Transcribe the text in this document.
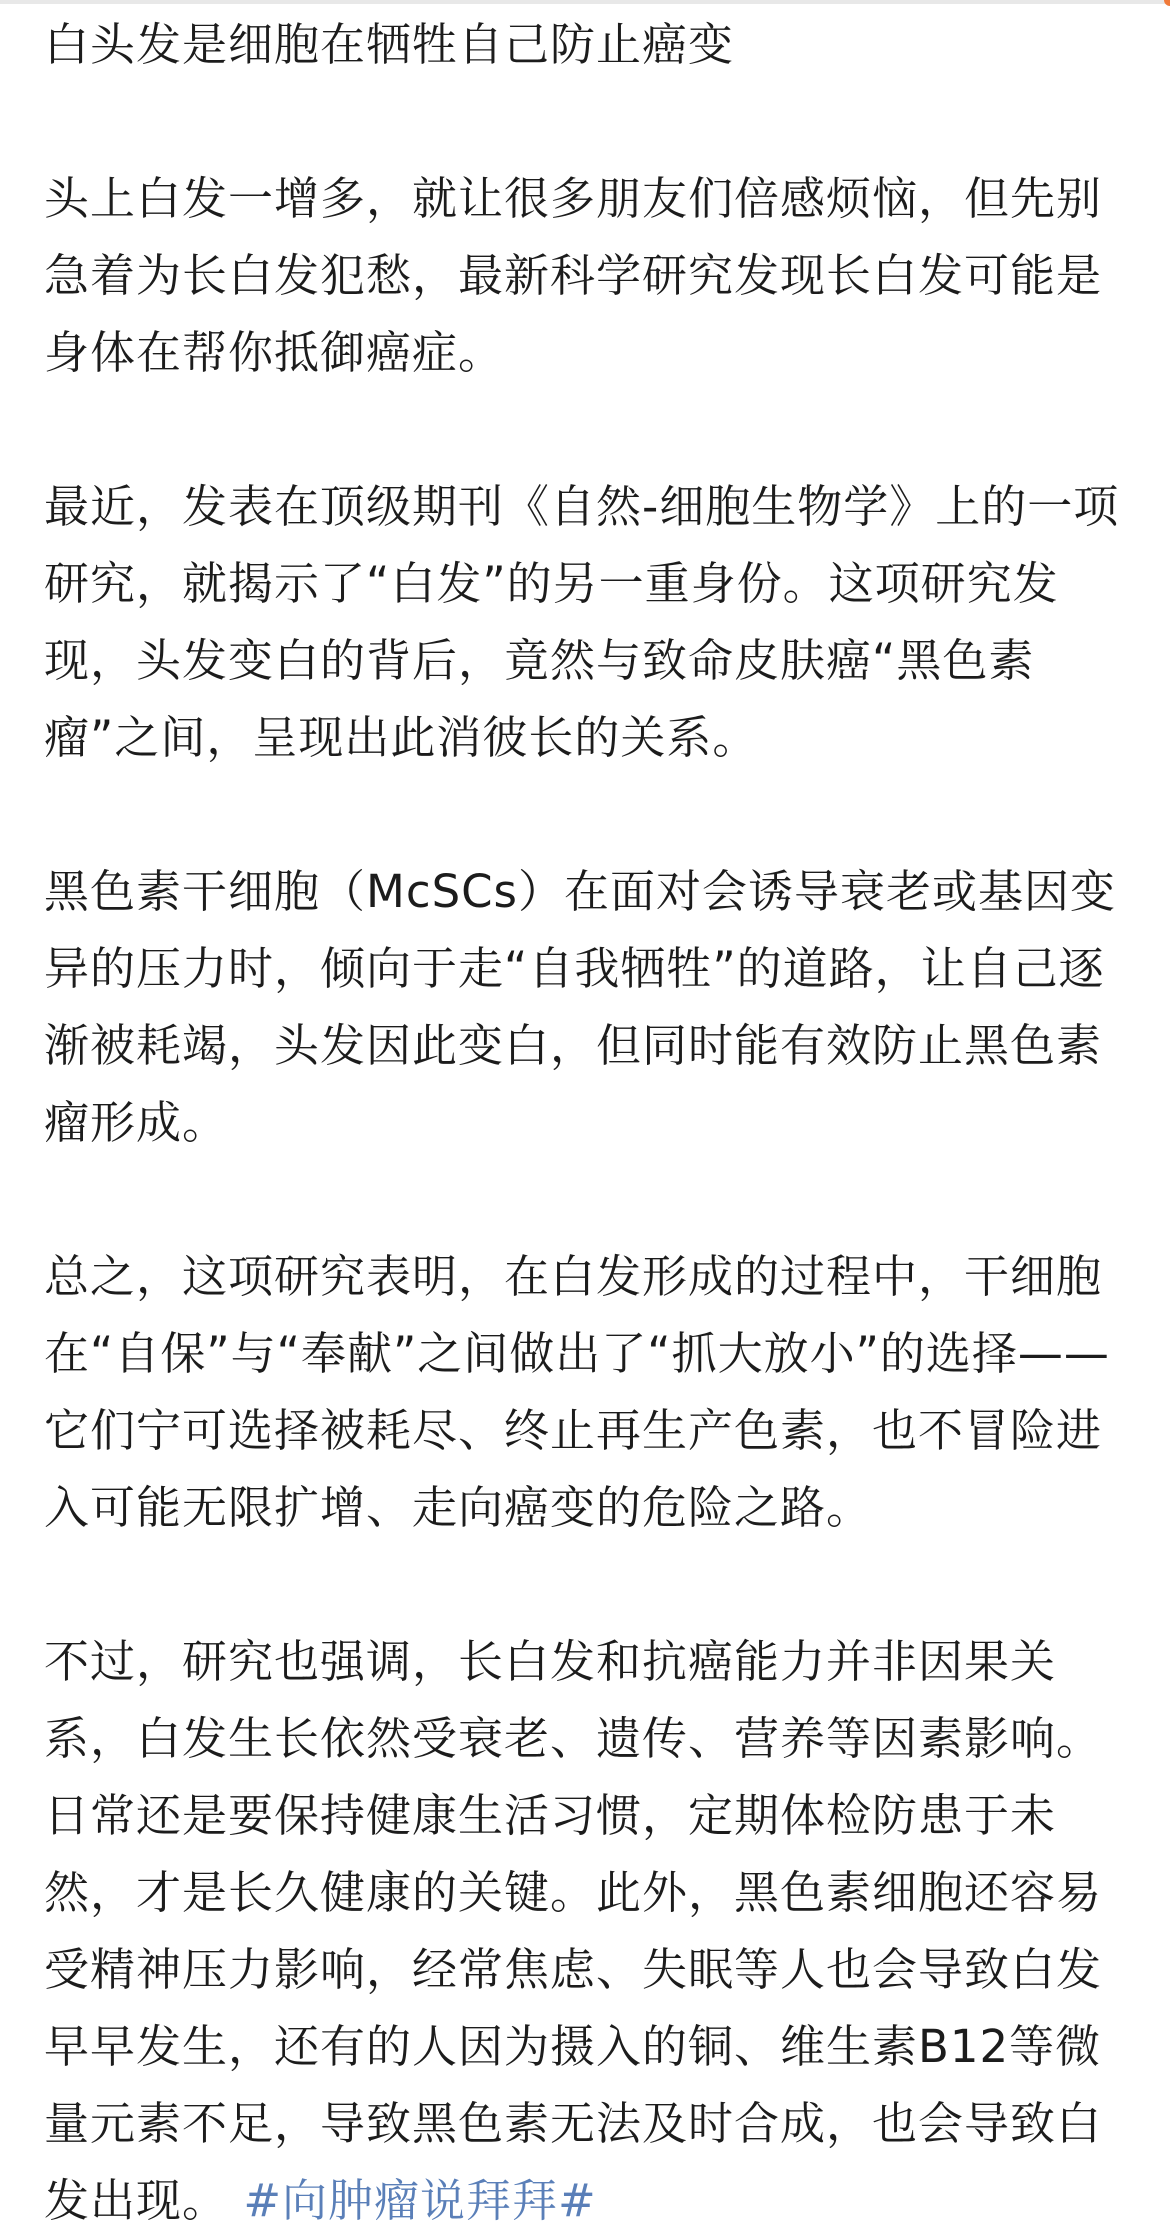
白头发是细胞在牺牲自己防止癌变

头上白发一增多，就让很多朋友们倍感烦恼，但先别急着为长白发犯愁，最新科学研究发现长白发可能是身体在帮你抵御癌症。

最近，发表在顶级期刊《自然-细胞生物学》上的一项研究，就揭示了“白发”的另一重身份。这项研究发现，头发变白的背后，竟然与致命皮肤癌“黑色素瘤”之间，呈现出此消彼长的关系。

黑色素干细胞（McSCs）在面对会诱导衰老或基因变异的压力时，倾向于走“自我牺牲”的道路，让自己逐渐被耗竭，头发因此变白，但同时能有效防止黑色素瘤形成。

总之，这项研究表明，在白发形成的过程中，干细胞在“自保”与“奉献”之间做出了“抓大放小”的选择——它们宁可选择被耗尽、终止再生产色素，也不冒险进入可能无限扩增、走向癌变的危险之路。

不过，研究也强调，长白发和抗癌能力并非因果关系，白发生长依然受衰老、遗传、营养等因素影响。日常还是要保持健康生活习惯，定期体检防患于未然，才是长久健康的关键。此外，黑色素细胞还容易受精神压力影响，经常焦虑、失眠等人也会导致白发早早发生，还有的人因为摄入的铜、维生素B12等微量元素不足，导致黑色素无法及时合成，也会导致白发出现。 #向肿瘤说拜拜#
